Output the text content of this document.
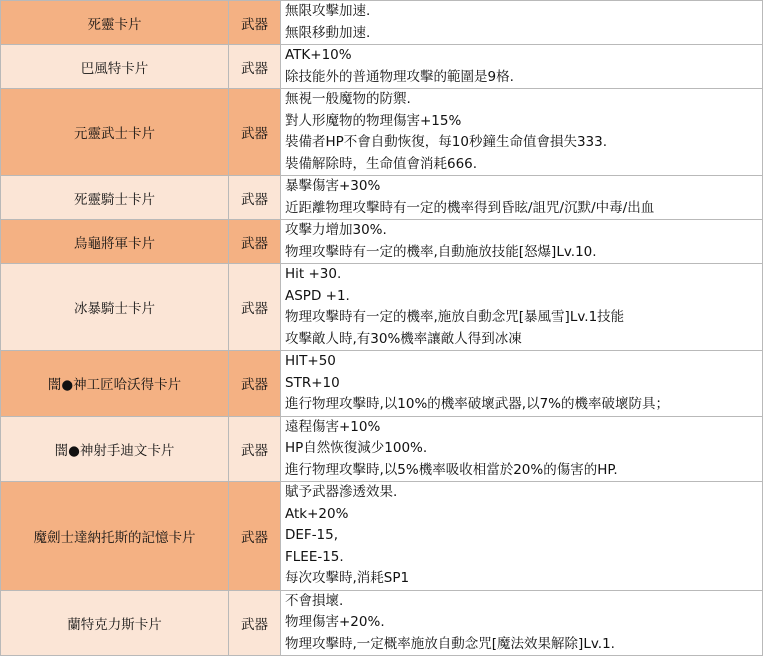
死靈卡片	武器	無限攻擊加速.
無限移動加速.

巴風特卡片	武器	ATK+10%
除技能外的普通物理攻擊的範圍是9格.

元靈武士卡片	武器	無視一般魔物的防禦.
對人形魔物的物理傷害+15%
裝備者HP不會自動恢復，每10秒鐘生命值會損失333.
裝備解除時，生命值會消耗666.

死靈騎士卡片	武器	暴擊傷害+30%
近距離物理攻擊時有一定的機率得到昏眩/詛咒/沉默/中毒/出血

烏龜將軍卡片	武器	攻擊力增加30%.
物理攻擊時有一定的機率,自動施放技能[怒爆]Lv.10.

冰暴騎士卡片	武器	Hit +30.
ASPD +1.
物理攻擊時有一定的機率,施放自動念咒[暴風雪]Lv.1技能
攻擊敵人時,有30%機率讓敵人得到冰凍

闇●神工匠哈沃得卡片	武器	HIT+50
STR+10
進行物理攻擊時,以10%的機率破壞武器,以7%的機率破壞防具；

闇●神射手迪文卡片	武器	遠程傷害+10%
HP自然恢復減少100%.
進行物理攻擊時,以5%機率吸收相當於20%的傷害的HP.

魔劍士達納托斯的記憶卡片	武器	賦予武器滲透效果.
Atk+20%
DEF-15,
FLEE-15.
每次攻擊時,消耗SP1

蘭特克力斯卡片	武器	不會損壞.
物理傷害+20%.
物理攻擊時,一定概率施放自動念咒[魔法效果解除]Lv.1.
